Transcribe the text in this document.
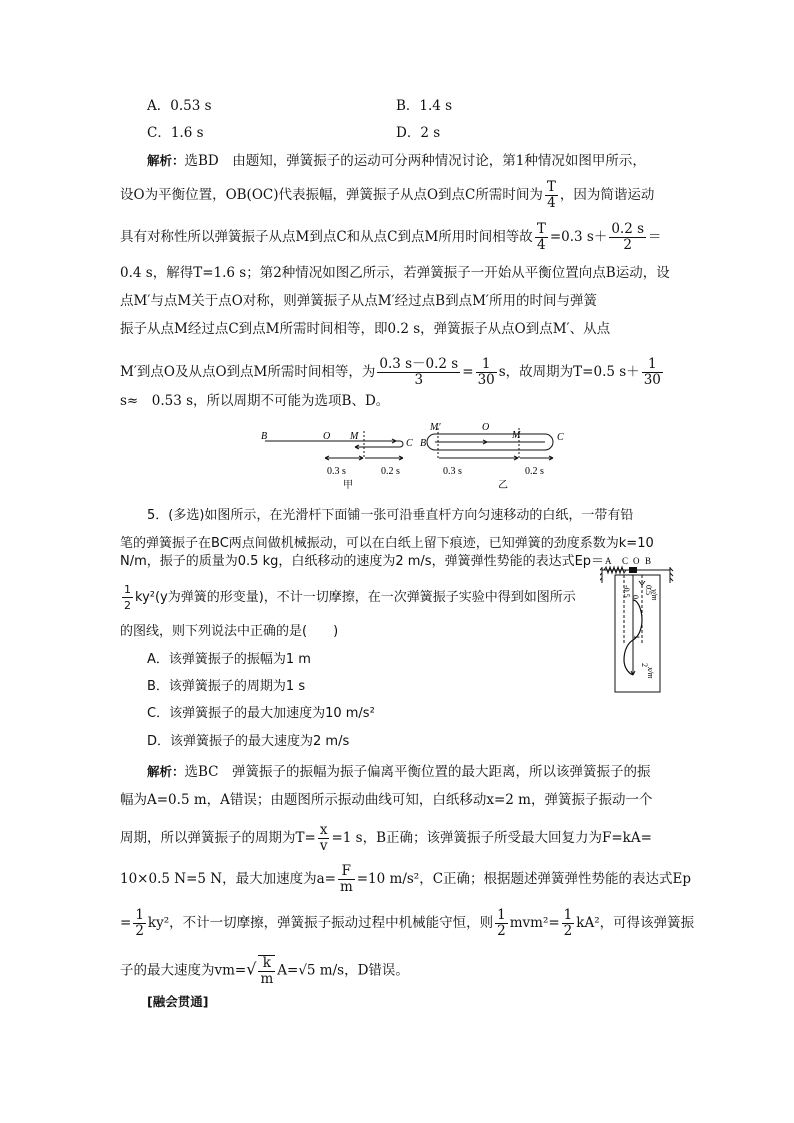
A．0.53 s	B．1.4 s
C．1.6 s	D．2 s
解析：选BD　由题知，弹簧振子的运动可分两种情况讨论，第1种情况如图甲所示，
设O为平衡位置，OB(OC)代表振幅，弹簧振子从点O到点C所需时间为 $\frac{T}{4}$ ，因为简谐运动
具有对称性所以弹簧振子从点M到点C和从点C到点M所用时间相等故 $\frac{T}{4} =0.3$ $s+ \frac{0.2 s}{2}$ ＝
0.4 s，解得T=1.6 s；第2种情况如图乙所示，若弹簧振子一开始从平衡位置向点B运动，设
点M′与点M关于点O对称，则弹簧振子从点M′经过点B到点M′所用的时间与弹簧
振子从点M经过点C到点M所需时间相等，即0.2 s，弹簧振子从点O到点M′、从点
M′到点O及从点O到点M所需时间相等，为 $\frac{0.3 s-0.2 s}{3} = \frac{1}{30}$ s，故周期为T=0.5 $s+ \frac{1}{30}$
s≈　0.53 s，所以周期不可能为选项B、D。
B	O M
C
0.3 s	0.2 s
甲
B
M′	O
M	C
0.3 s	0.2 s
乙
5．(多选)如图所示，在光滑杆下面铺一张可沿垂直杆方向匀速移动的白纸，一带有铅
笔的弹簧振子在BC两点间做机械振动，可以在白纸上留下痕迹，已知弹簧的劲度系数为k=10
N/m，振子的质量为0.5 kg，白纸移动的速度为2 m/s，弹簧弹性势能的表达式Ep＝
$\frac{1}{2} ky^2(y$为弹簧的形变量)，不计一切摩擦，在一次弹簧振子实验中得到如图所示
的图线，则下列说法中正确的是(　　)
A．该弹簧振子的振幅为1 m
B．该弹簧振子的周期为1 s
C．该弹簧振子的最大加速度为10 m/s²
D．该弹簧振子的最大速度为2 m/s
A C O B
-0.5 0
0.5
y/m
1
2
x/m
解析：选BC　弹簧振子的振幅为振子偏离平衡位置的最大距离，所以该弹簧振子的振
幅为A=0.5 m，A错误；由题图所示振动曲线可知，白纸移动x=2 m，弹簧振子振动一个
周期，所以弹簧振子的周期为$T= \frac{x}{v} =1$ s，B正确；该弹簧振子所受最大回复力为F=kA=
10×0.5 N=5 N，最大加速度为$a= \frac{F}{m} =10$ m/s²，C正确；根据题述弹簧弹性势能的表达式Ep
= $\frac{1}{2} ky^2$，不计一切摩擦，弹簧振子振动过程中机械能守恒，则 $\frac{1}{2} mvm^2= \frac{1}{2} kA^2$，可得该弹簧振
子的最大速度为$vm=√ \frac{k}{m} A=√5$ m/s，D错误。
[融会贯通]
